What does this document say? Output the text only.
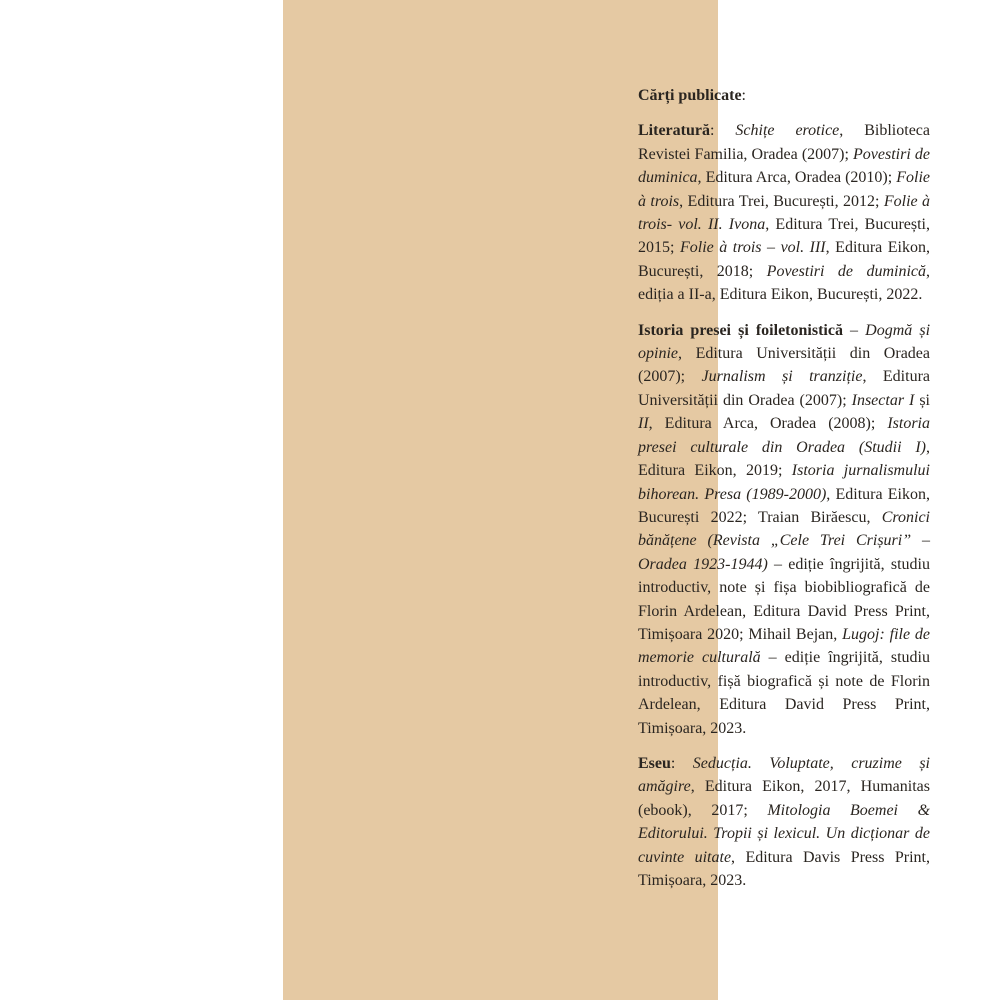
Cărți publicate:

Literatură: Schițe erotice, Biblioteca Revistei Familia, Oradea (2007); Povestiri de duminica, Editura Arca, Oradea (2010); Folie à trois, Editura Trei, București, 2012; Folie à trois- vol. II. Ivona, Editura Trei, București, 2015; Folie à trois – vol. III, Editura Eikon, București, 2018; Povestiri de duminică, ediția a II-a, Editura Eikon, București, 2022.

Istoria presei și foiletonistică – Dogmă și opinie, Editura Universității din Oradea (2007); Jurnalism și tranziție, Editura Universității din Oradea (2007); Insectar I și II, Editura Arca, Oradea (2008); Istoria presei culturale din Oradea (Studii I), Editura Eikon, 2019; Istoria jurnalismului bihorean. Presa (1989-2000), Editura Eikon, București 2022; Traian Birăescu, Cronici bănățene (Revista „Cele Trei Crișuri” – Oradea 1923-1944) – ediție îngrijită, studiu introductiv, note și fișa biobibliografică de Florin Ardelean, Editura David Press Print, Timișoara 2020; Mihail Bejan, Lugoj: file de memorie culturală – ediție îngrijită, studiu introductiv, fișă biografică și note de Florin Ardelean, Editura David Press Print, Timișoara, 2023.

Eseu: Seducția. Voluptate, cruzime și amăgire, Editura Eikon, 2017, Humanitas (ebook), 2017; Mitologia Boemei & Editorului. Tropii și lexicul. Un dicționar de cuvinte uitate, Editura Davis Press Print, Timișoara, 2023.
